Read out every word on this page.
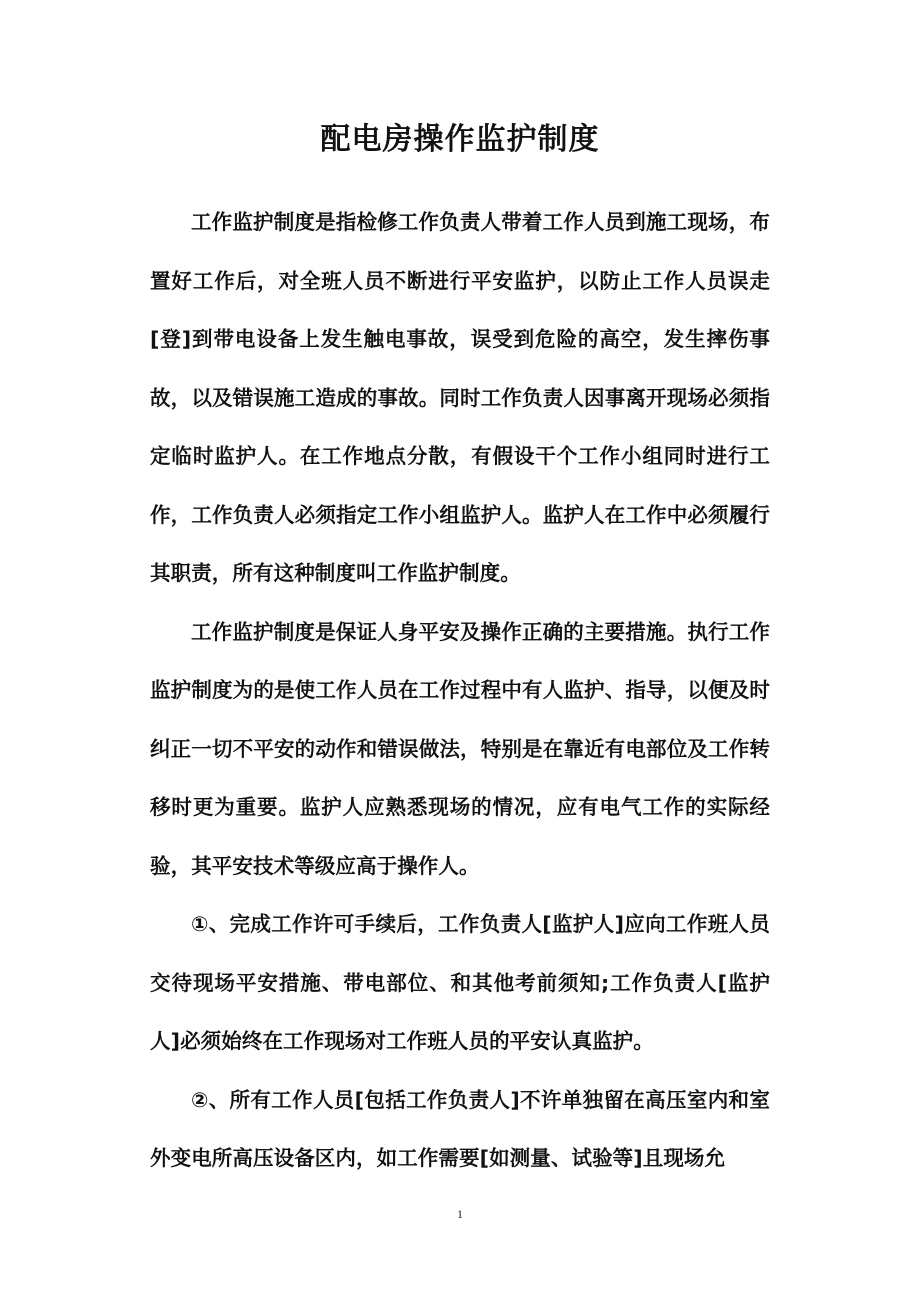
配电房操作监护制度

工作监护制度是指检修工作负责人带着工作人员到施工现场，布置好工作后，对全班人员不断进行平安监护，以防止工作人员误走[登]到带电设备上发生触电事故，误受到危险的高空，发生摔伤事故，以及错误施工造成的事故。同时工作负责人因事离开现场必须指定临时监护人。在工作地点分散，有假设干个工作小组同时进行工作，工作负责人必须指定工作小组监护人。监护人在工作中必须履行其职责，所有这种制度叫工作监护制度。

工作监护制度是保证人身平安及操作正确的主要措施。执行工作监护制度为的是使工作人员在工作过程中有人监护、指导，以便及时纠正一切不平安的动作和错误做法，特别是在靠近有电部位及工作转移时更为重要。监护人应熟悉现场的情况，应有电气工作的实际经验，其平安技术等级应高于操作人。

①、完成工作许可手续后，工作负责人[监护人]应向工作班人员交待现场平安措施、带电部位、和其他考前须知;工作负责人[监护人]必须始终在工作现场对工作班人员的平安认真监护。

②、所有工作人员[包括工作负责人]不许单独留在高压室内和室外变电所高压设备区内，如工作需要[如测量、试验等]且现场允

1
